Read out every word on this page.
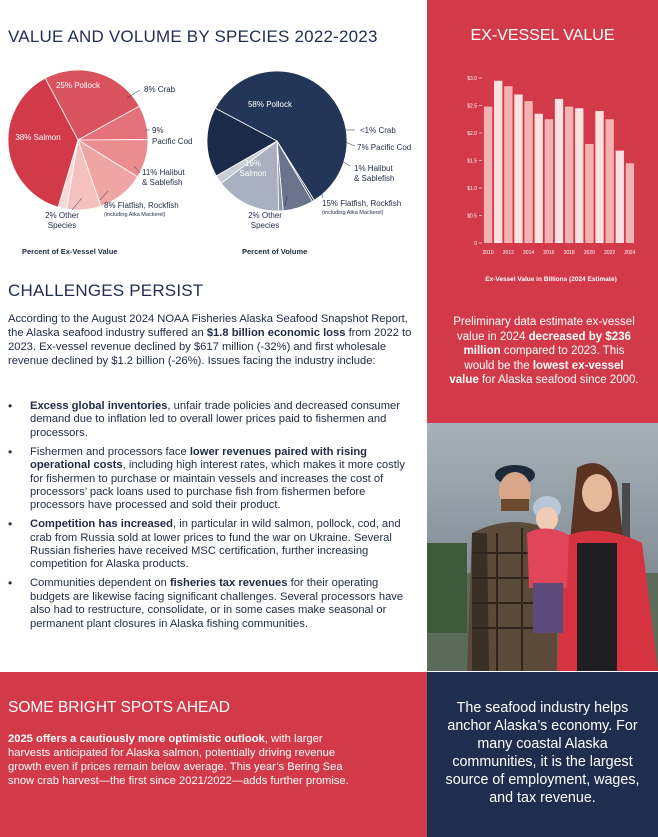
VALUE AND VOLUME BY SPECIES 2022-2023
25% Pollock	8% Crab
9%
Pacific Cod
11% Halibut
& Sablefish
8% Flatfish, Rockfish
(including Atka Mackerel)
2% Other
Species
38% Salmon
Percent of Ex-Vessel Value
58% Pollock
<1% Crab
7% Pacific Cod
1% Halibut
& Sablefish
15% Flatfish, Rockfish
(including Atka Mackerel)
2% Other
Species
16%
Salmon
Percent of Volume
EX-VESSEL VALUE
0
$0.5
$1.0
$1.5
$2.0
$2.5
$3.0
2010 2012 2014 2016 2018 2020 2022 2024
Ex-Vessel Value in Billions (2024 Estimate)

Preliminary data estimate ex-vessel value in 2024 decreased by $236 million compared to 2023. This would be the lowest ex-vessel value for Alaska seafood since 2000.

CHALLENGES PERSIST

According to the August 2024 NOAA Fisheries Alaska Seafood Snapshot Report, the Alaska seafood industry suffered an $1.8 billion economic loss from 2022 to 2023. Ex-vessel revenue declined by $617 million (-32%) and first wholesale revenue declined by $1.2 billion (-26%). Issues facing the industry include:

• Excess global inventories, unfair trade policies and decreased consumer demand due to inflation led to overall lower prices paid to fishermen and processors.
• Fishermen and processors face lower revenues paired with rising operational costs, including high interest rates, which makes it more costly for fishermen to purchase or maintain vessels and increases the cost of processors’ pack loans used to purchase fish from fishermen before processors have processed and sold their product.
• Competition has increased, in particular in wild salmon, pollock, cod, and crab from Russia sold at lower prices to fund the war on Ukraine. Several Russian fisheries have received MSC certification, further increasing competition for Alaska products.
• Communities dependent on fisheries tax revenues for their operating budgets are likewise facing significant challenges. Several processors have also had to restructure, consolidate, or in some cases make seasonal or permanent plant closures in Alaska fishing communities.
SOME BRIGHT SPOTS AHEAD

2025 offers a cautiously more optimistic outlook, with larger harvests anticipated for Alaska salmon, potentially driving revenue growth even if prices remain below average. This year’s Bering Sea snow crab harvest—the first since 2021/2022—adds further promise.

The seafood industry helps anchor Alaska’s economy. For many coastal Alaska communities, it is the largest source of employment, wages, and tax revenue.
